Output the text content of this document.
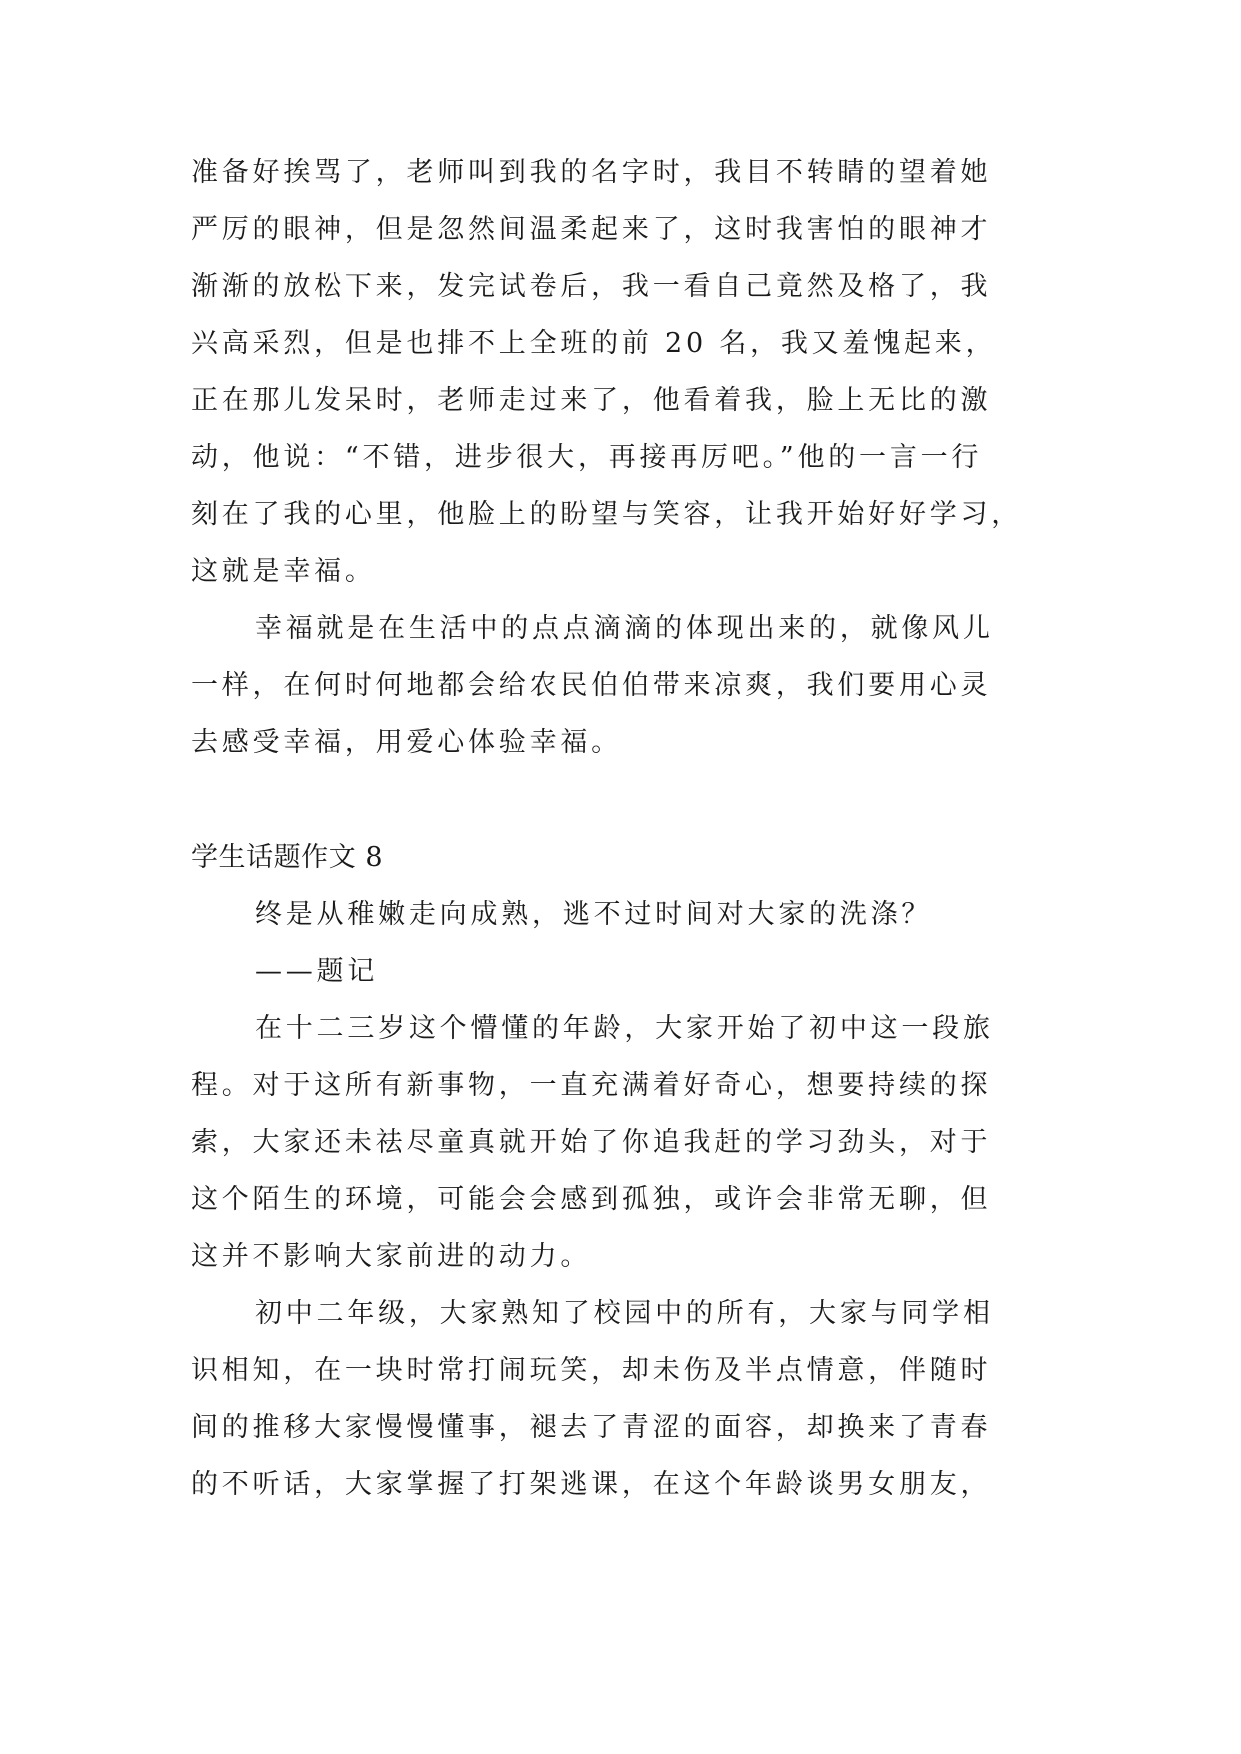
准备好挨骂了，老师叫到我的名字时，我目不转睛的望着她
严厉的眼神，但是忽然间温柔起来了，这时我害怕的眼神才
渐渐的放松下来，发完试卷后，我一看自己竟然及格了，我
兴高采烈，但是也排不上全班的前 20 名，我又羞愧起来，
正在那儿发呆时，老师走过来了，他看着我，脸上无比的激
动，他说：“不错，进步很大，再接再厉吧。”他的一言一行
刻在了我的心里，他脸上的盼望与笑容，让我开始好好学习，
这就是幸福。
幸福就是在生活中的点点滴滴的体现出来的，就像风儿
一样，在何时何地都会给农民伯伯带来凉爽，我们要用心灵
去感受幸福，用爱心体验幸福。
学生话题作文 8
终是从稚嫩走向成熟，逃不过时间对大家的洗涤？
——题记
在十二三岁这个懵懂的年龄，大家开始了初中这一段旅
程。对于这所有新事物，一直充满着好奇心，想要持续的探
索，大家还未祛尽童真就开始了你追我赶的学习劲头，对于
这个陌生的环境，可能会会感到孤独，或许会非常无聊，但
这并不影响大家前进的动力。
初中二年级，大家熟知了校园中的所有，大家与同学相
识相知，在一块时常打闹玩笑，却未伤及半点情意，伴随时
间的推移大家慢慢懂事，褪去了青涩的面容，却换来了青春
的不听话，大家掌握了打架逃课，在这个年龄谈男女朋友，
